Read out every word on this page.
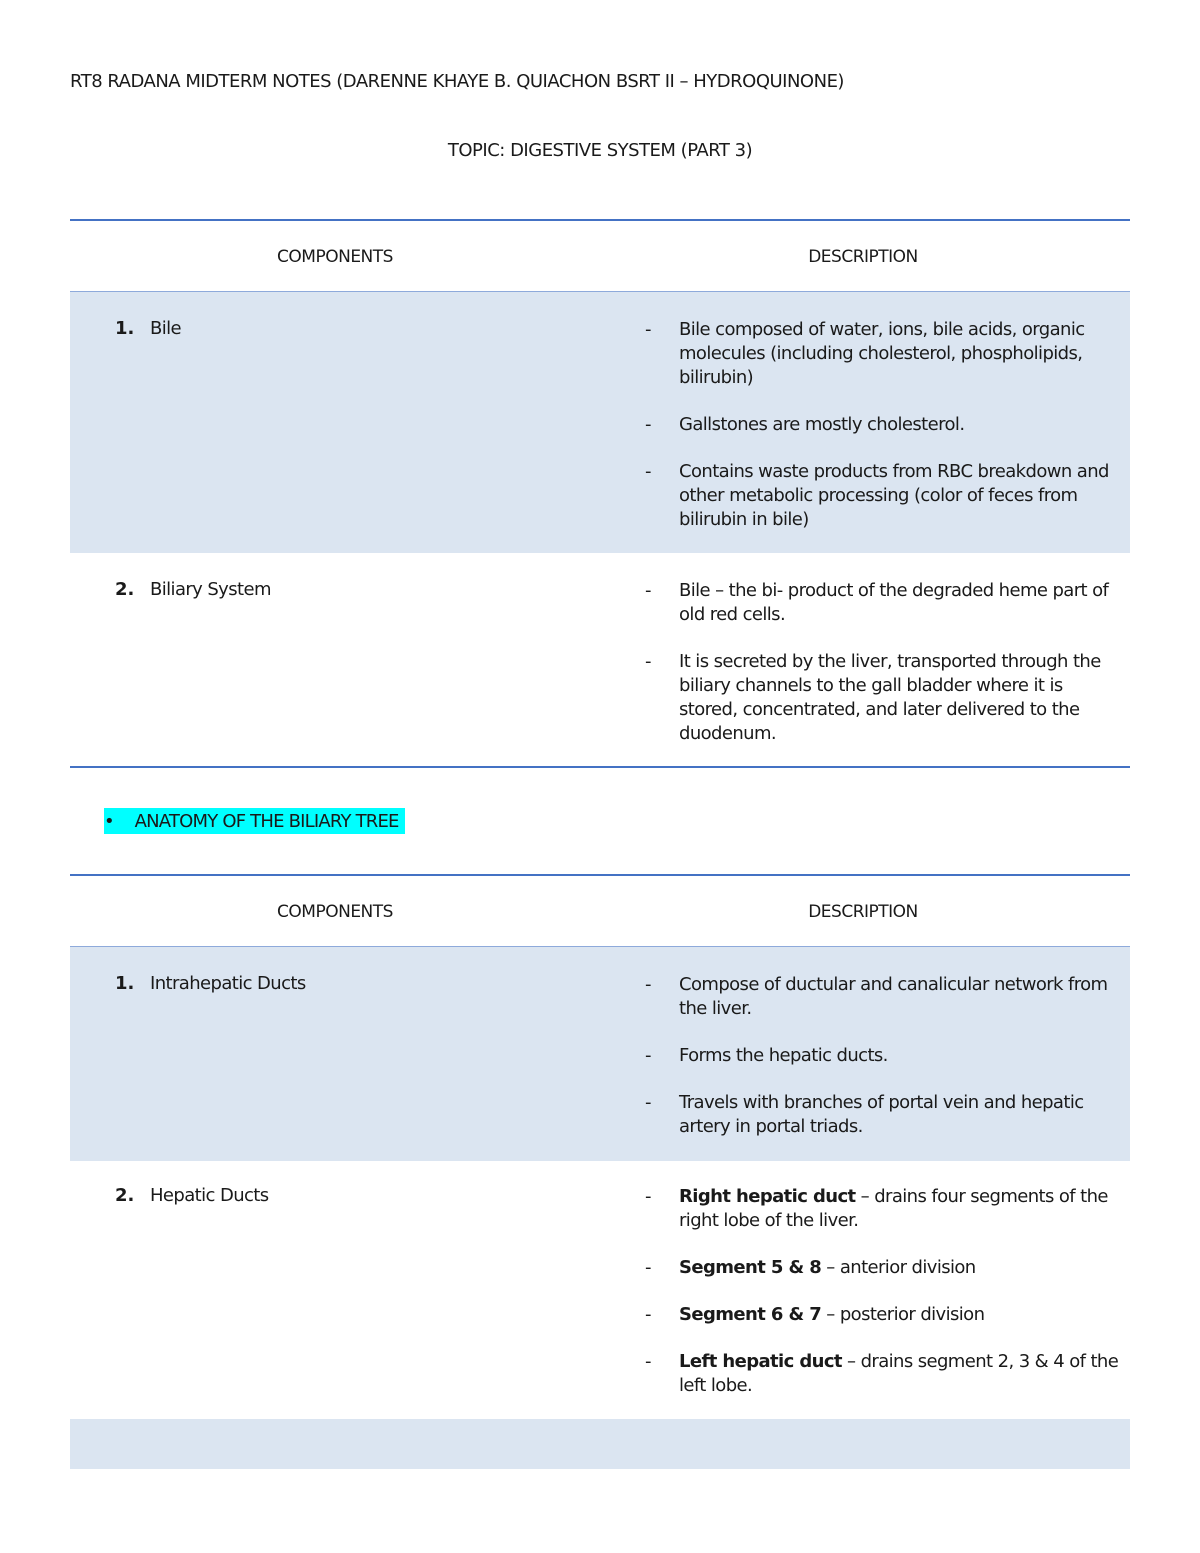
RT8 RADANA MIDTERM NOTES (DARENNE KHAYE B. QUIACHON BSRT II – HYDROQUINONE)
TOPIC: DIGESTIVE SYSTEM (PART 3)
COMPONENTS	DESCRIPTION
1. Bile	- Bile composed of water, ions, bile acids, organic molecules (including cholesterol, phospholipids, bilirubin)
- Gallstones are mostly cholesterol.
- Contains waste products from RBC breakdown and other metabolic processing (color of feces from bilirubin in bile)
2. Biliary System	- Bile – the bi- product of the degraded heme part of old red cells.
- It is secreted by the liver, transported through the biliary channels to the gall bladder where it is stored, concentrated, and later delivered to the duodenum.
• ANATOMY OF THE BILIARY TREE
COMPONENTS	DESCRIPTION
1. Intrahepatic Ducts	- Compose of ductular and canalicular network from the liver.
- Forms the hepatic ducts.
- Travels with branches of portal vein and hepatic artery in portal triads.
2. Hepatic Ducts	- Right hepatic duct – drains four segments of the right lobe of the liver.
- Segment 5 & 8 – anterior division
- Segment 6 & 7 – posterior division
- Left hepatic duct – drains segment 2, 3 & 4 of the left lobe.
